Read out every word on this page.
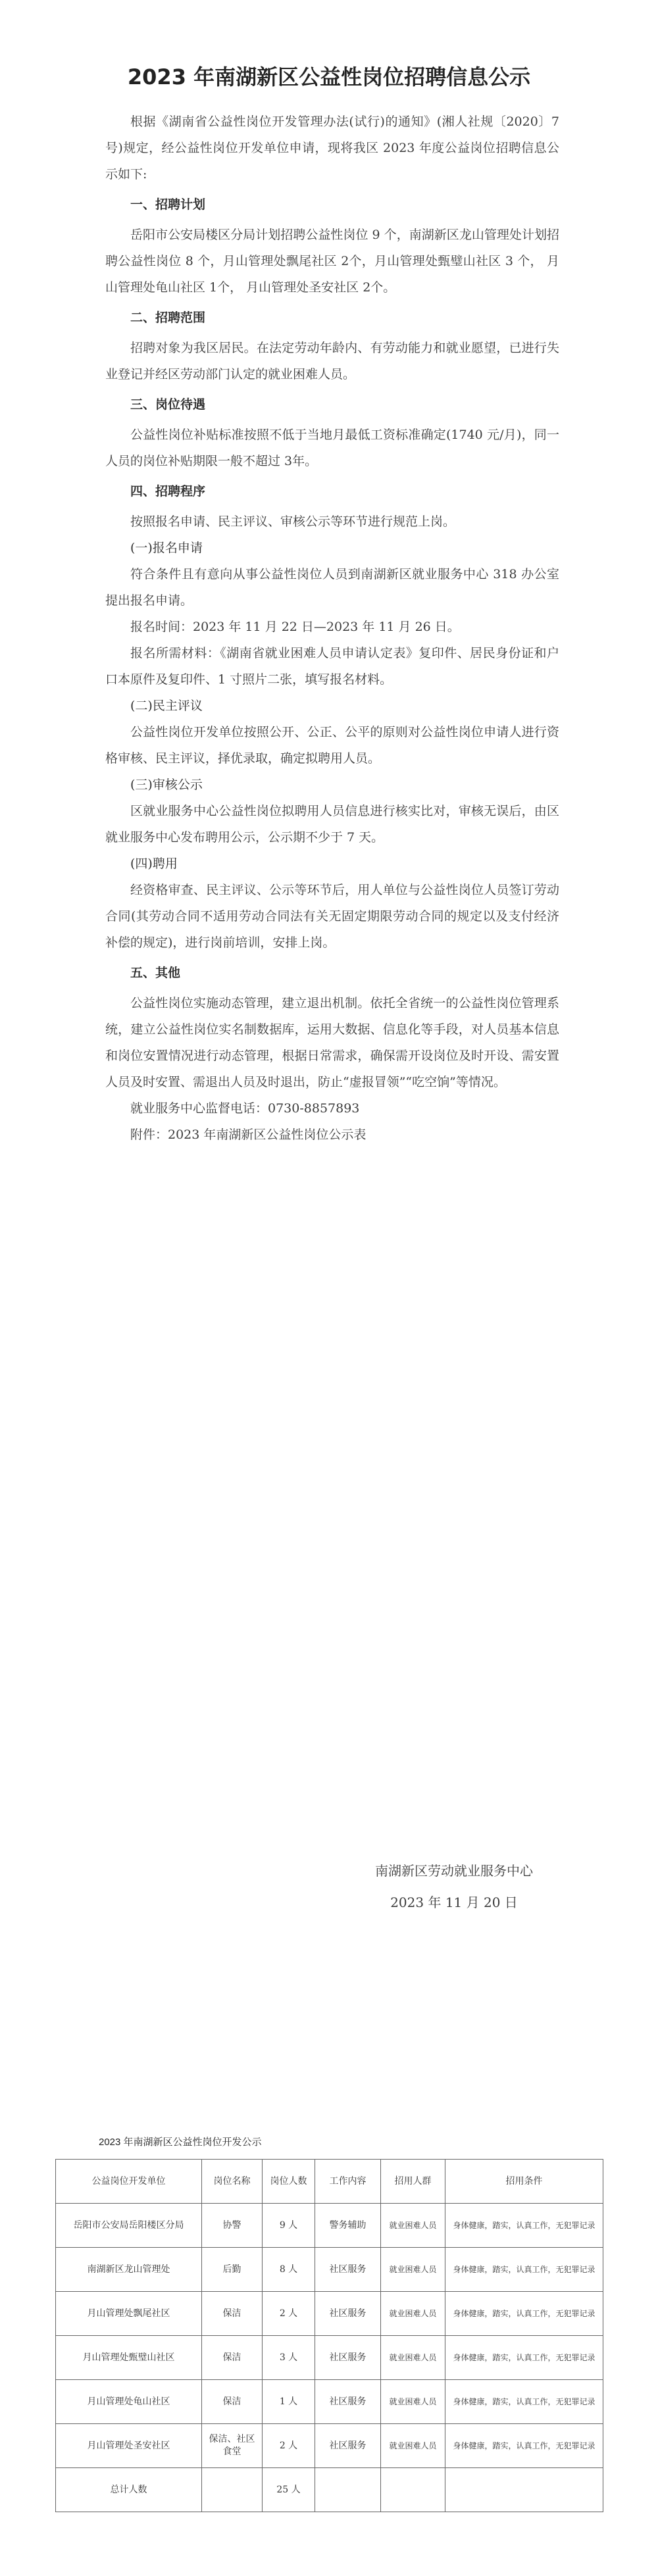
2023 年南湖新区公益性岗位招聘信息公示

根据《湖南省公益性岗位开发管理办法(试行)的通知》(湘人社规〔2020〕7 号)规定，经公益性岗位开发单位申请，现将我区 2023 年度公益岗位招聘信息公示如下:

一、招聘计划

岳阳市公安局楼区分局计划招聘公益性岗位 9 个，南湖新区龙山管理处计划招聘公益性岗位 8 个，月山管理处飘尾社区 2个，月山管理处甄璧山社区 3 个， 月山管理处龟山社区 1个， 月山管理处圣安社区 2个。

二、招聘范围

招聘对象为我区居民。在法定劳动年龄内、有劳动能力和就业愿望，已进行失业登记并经区劳动部门认定的就业困难人员。

三、岗位待遇

公益性岗位补贴标准按照不低于当地月最低工资标准确定(1740 元/月)，同一人员的岗位补贴期限一般不超过 3年。

四、招聘程序

按照报名申请、民主评议、审核公示等环节进行规范上岗。

(一)报名申请

符合条件且有意向从事公益性岗位人员到南湖新区就业服务中心 318 办公室提出报名申请。

报名时间：2023 年 11 月 22 日—2023 年 11 月 26 日。

报名所需材料：《湖南省就业困难人员申请认定表》复印件、居民身份证和户口本原件及复印件、1 寸照片二张，填写报名材料。

(二)民主评议

公益性岗位开发单位按照公开、公正、公平的原则对公益性岗位申请人进行资格审核、民主评议，择优录取，确定拟聘用人员。

(三)审核公示

区就业服务中心公益性岗位拟聘用人员信息进行核实比对，审核无误后，由区就业服务中心发布聘用公示，公示期不少于 7 天。

(四)聘用

经资格审查、民主评议、公示等环节后，用人单位与公益性岗位人员签订劳动合同(其劳动合同不适用劳动合同法有关无固定期限劳动合同的规定以及支付经济补偿的规定)，进行岗前培训，安排上岗。

五、其他

公益性岗位实施动态管理，建立退出机制。依托全省统一的公益性岗位管理系统，建立公益性岗位实名制数据库，运用大数据、信息化等手段，对人员基本信息和岗位安置情况进行动态管理，根据日常需求，确保需开设岗位及时开设、需安置人员及时安置、需退出人员及时退出，防止“虚报冒领”“吃空饷”等情况。

就业服务中心监督电话：0730-8857893

附件：2023 年南湖新区公益性岗位公示表

南湖新区劳动就业服务中心
2023 年 11 月 20 日
2023 年南湖新区公益性岗位开发公示
公益岗位开发单位	岗位名称	岗位人数	工作内容	招用人群	招用条件
岳阳市公安局岳阳楼区分局	协警	9 人	警务辅助	就业困难人员	身体健康，踏实，认真工作，无犯罪记录
南湖新区龙山管理处	后勤	8 人	社区服务	就业困难人员	身体健康，踏实，认真工作，无犯罪记录
月山管理处飘尾社区	保洁	2 人	社区服务	就业困难人员	身体健康，踏实，认真工作，无犯罪记录
月山管理处甄璧山社区	保洁	3 人	社区服务	就业困难人员	身体健康，踏实，认真工作，无犯罪记录
月山管理处龟山社区	保洁	1 人	社区服务	就业困难人员	身体健康，踏实，认真工作，无犯罪记录
月山管理处圣安社区	保洁、社区食堂	2 人	社区服务	就业困难人员	身体健康，踏实，认真工作，无犯罪记录
总计人数		25 人			
